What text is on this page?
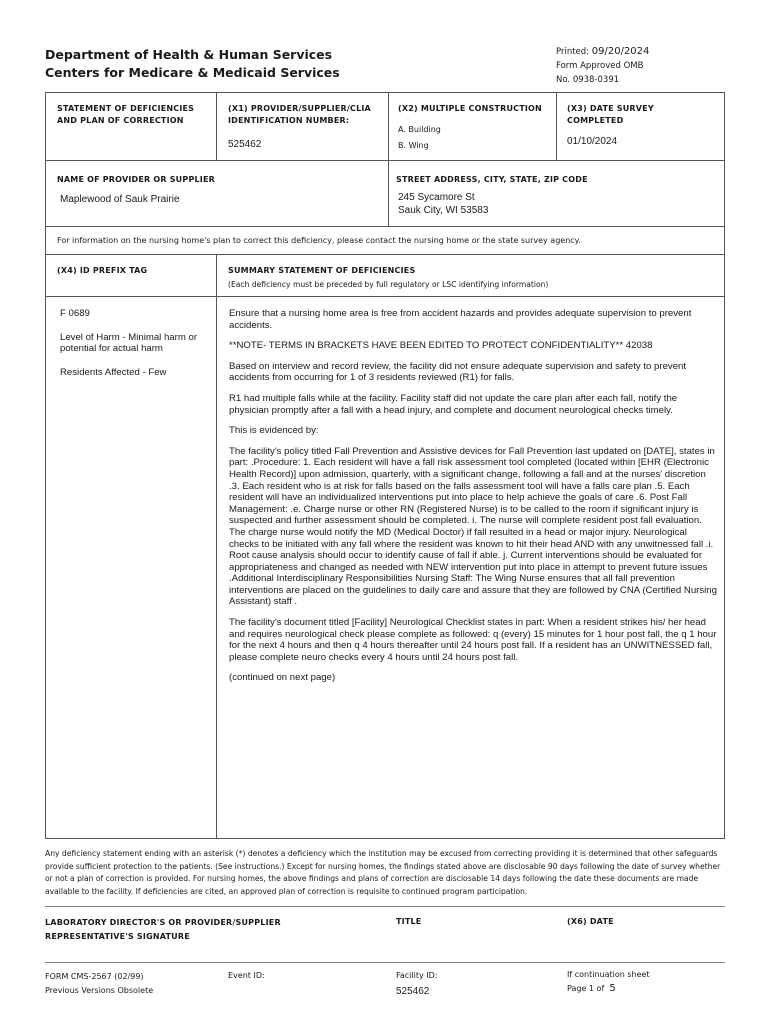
Department of Health & Human Services
Centers for Medicare & Medicaid Services
Printed: 09/20/2024
Form Approved OMB
No. 0938-0391
STATEMENT OF DEFICIENCIES AND PLAN OF CORRECTION
(X1) PROVIDER/SUPPLIER/CLIA IDENTIFICATION NUMBER:
525462
(X2) MULTIPLE CONSTRUCTION
A. Building
B. Wing
(X3) DATE SURVEY COMPLETED
01/10/2024
NAME OF PROVIDER OR SUPPLIER
Maplewood of Sauk Prairie
STREET ADDRESS, CITY, STATE, ZIP CODE
245 Sycamore St
Sauk City, WI 53583
For information on the nursing home's plan to correct this deficiency, please contact the nursing home or the state survey agency.
(X4) ID PREFIX TAG	SUMMARY STATEMENT OF DEFICIENCIES
(Each deficiency must be preceded by full regulatory or LSC identifying information)

F 0689

Level of Harm - Minimal harm or potential for actual harm

Residents Affected - Few

Ensure that a nursing home area is free from accident hazards and provides adequate supervision to prevent accidents.

**NOTE- TERMS IN BRACKETS HAVE BEEN EDITED TO PROTECT CONFIDENTIALITY** 42038

Based on interview and record review, the facility did not ensure adequate supervision and safety to prevent accidents from occurring for 1 of 3 residents reviewed (R1) for falls.

R1 had multiple falls while at the facility. Facility staff did not update the care plan after each fall, notify the physician promptly after a fall with a head injury, and complete and document neurological checks timely.

This is evidenced by:

The facility's policy titled Fall Prevention and Assistive devices for Fall Prevention last updated on [DATE], states in part: .Procedure: 1. Each resident will have a fall risk assessment tool completed (located within [EHR (Electronic Health Record)] upon admission, quarterly, with a significant change, following a fall and at the nurses' discretion .3. Each resident who is at risk for falls based on the falls assessment tool will have a falls care plan .5. Each resident will have an individualized interventions put into place to help achieve the goals of care .6. Post Fall Management: .e. Charge nurse or other RN (Registered Nurse) is to be called to the room if significant injury is suspected and further assessment should be completed. i. The nurse will complete resident post fall evaluation. The charge nurse would notify the MD (Medical Doctor) if fall resulted in a head or major injury. Neurological checks to be initiated with any fall where the resident was known to hit their head AND with any unwitnessed fall .i. Root cause analysis should occur to identify cause of fall if able. j. Current interventions should be evaluated for appropriateness and changed as needed with NEW intervention put into place in attempt to prevent future issues .Additional Interdisciplinary Responsibilities Nursing Staff: The Wing Nurse ensures that all fall prevention interventions are placed on the guidelines to daily care and assure that they are followed by CNA (Certified Nursing Assistant) staff .

The facility's document titled [Facility] Neurological Checklist states in part: When a resident strikes his/ her head and requires neurological check please complete as followed: q (every) 15 minutes for 1 hour post fall, the q 1 hour for the next 4 hours and then q 4 hours thereafter until 24 hours post fall. If a resident has an UNWITNESSED fall, please complete neuro checks every 4 hours until 24 hours post fall.

(continued on next page)

Any deficiency statement ending with an asterisk (*) denotes a deficiency which the institution may be excused from correcting providing it is determined that other safeguards provide sufficient protection to the patients. (See instructions.) Except for nursing homes, the findings stated above are disclosable 90 days following the date of survey whether or not a plan of correction is provided. For nursing homes, the above findings and plans of correction are disclosable 14 days following the date these documents are made available to the facility. If deficiencies are cited, an approved plan of correction is requisite to continued program participation.
LABORATORY DIRECTOR'S OR PROVIDER/SUPPLIER REPRESENTATIVE'S SIGNATURE
TITLE	(X6) DATE
FORM CMS-2567 (02/99)
Previous Versions Obsolete
Event ID:	Facility ID:
525462
If continuation sheet
Page 1 of 5
